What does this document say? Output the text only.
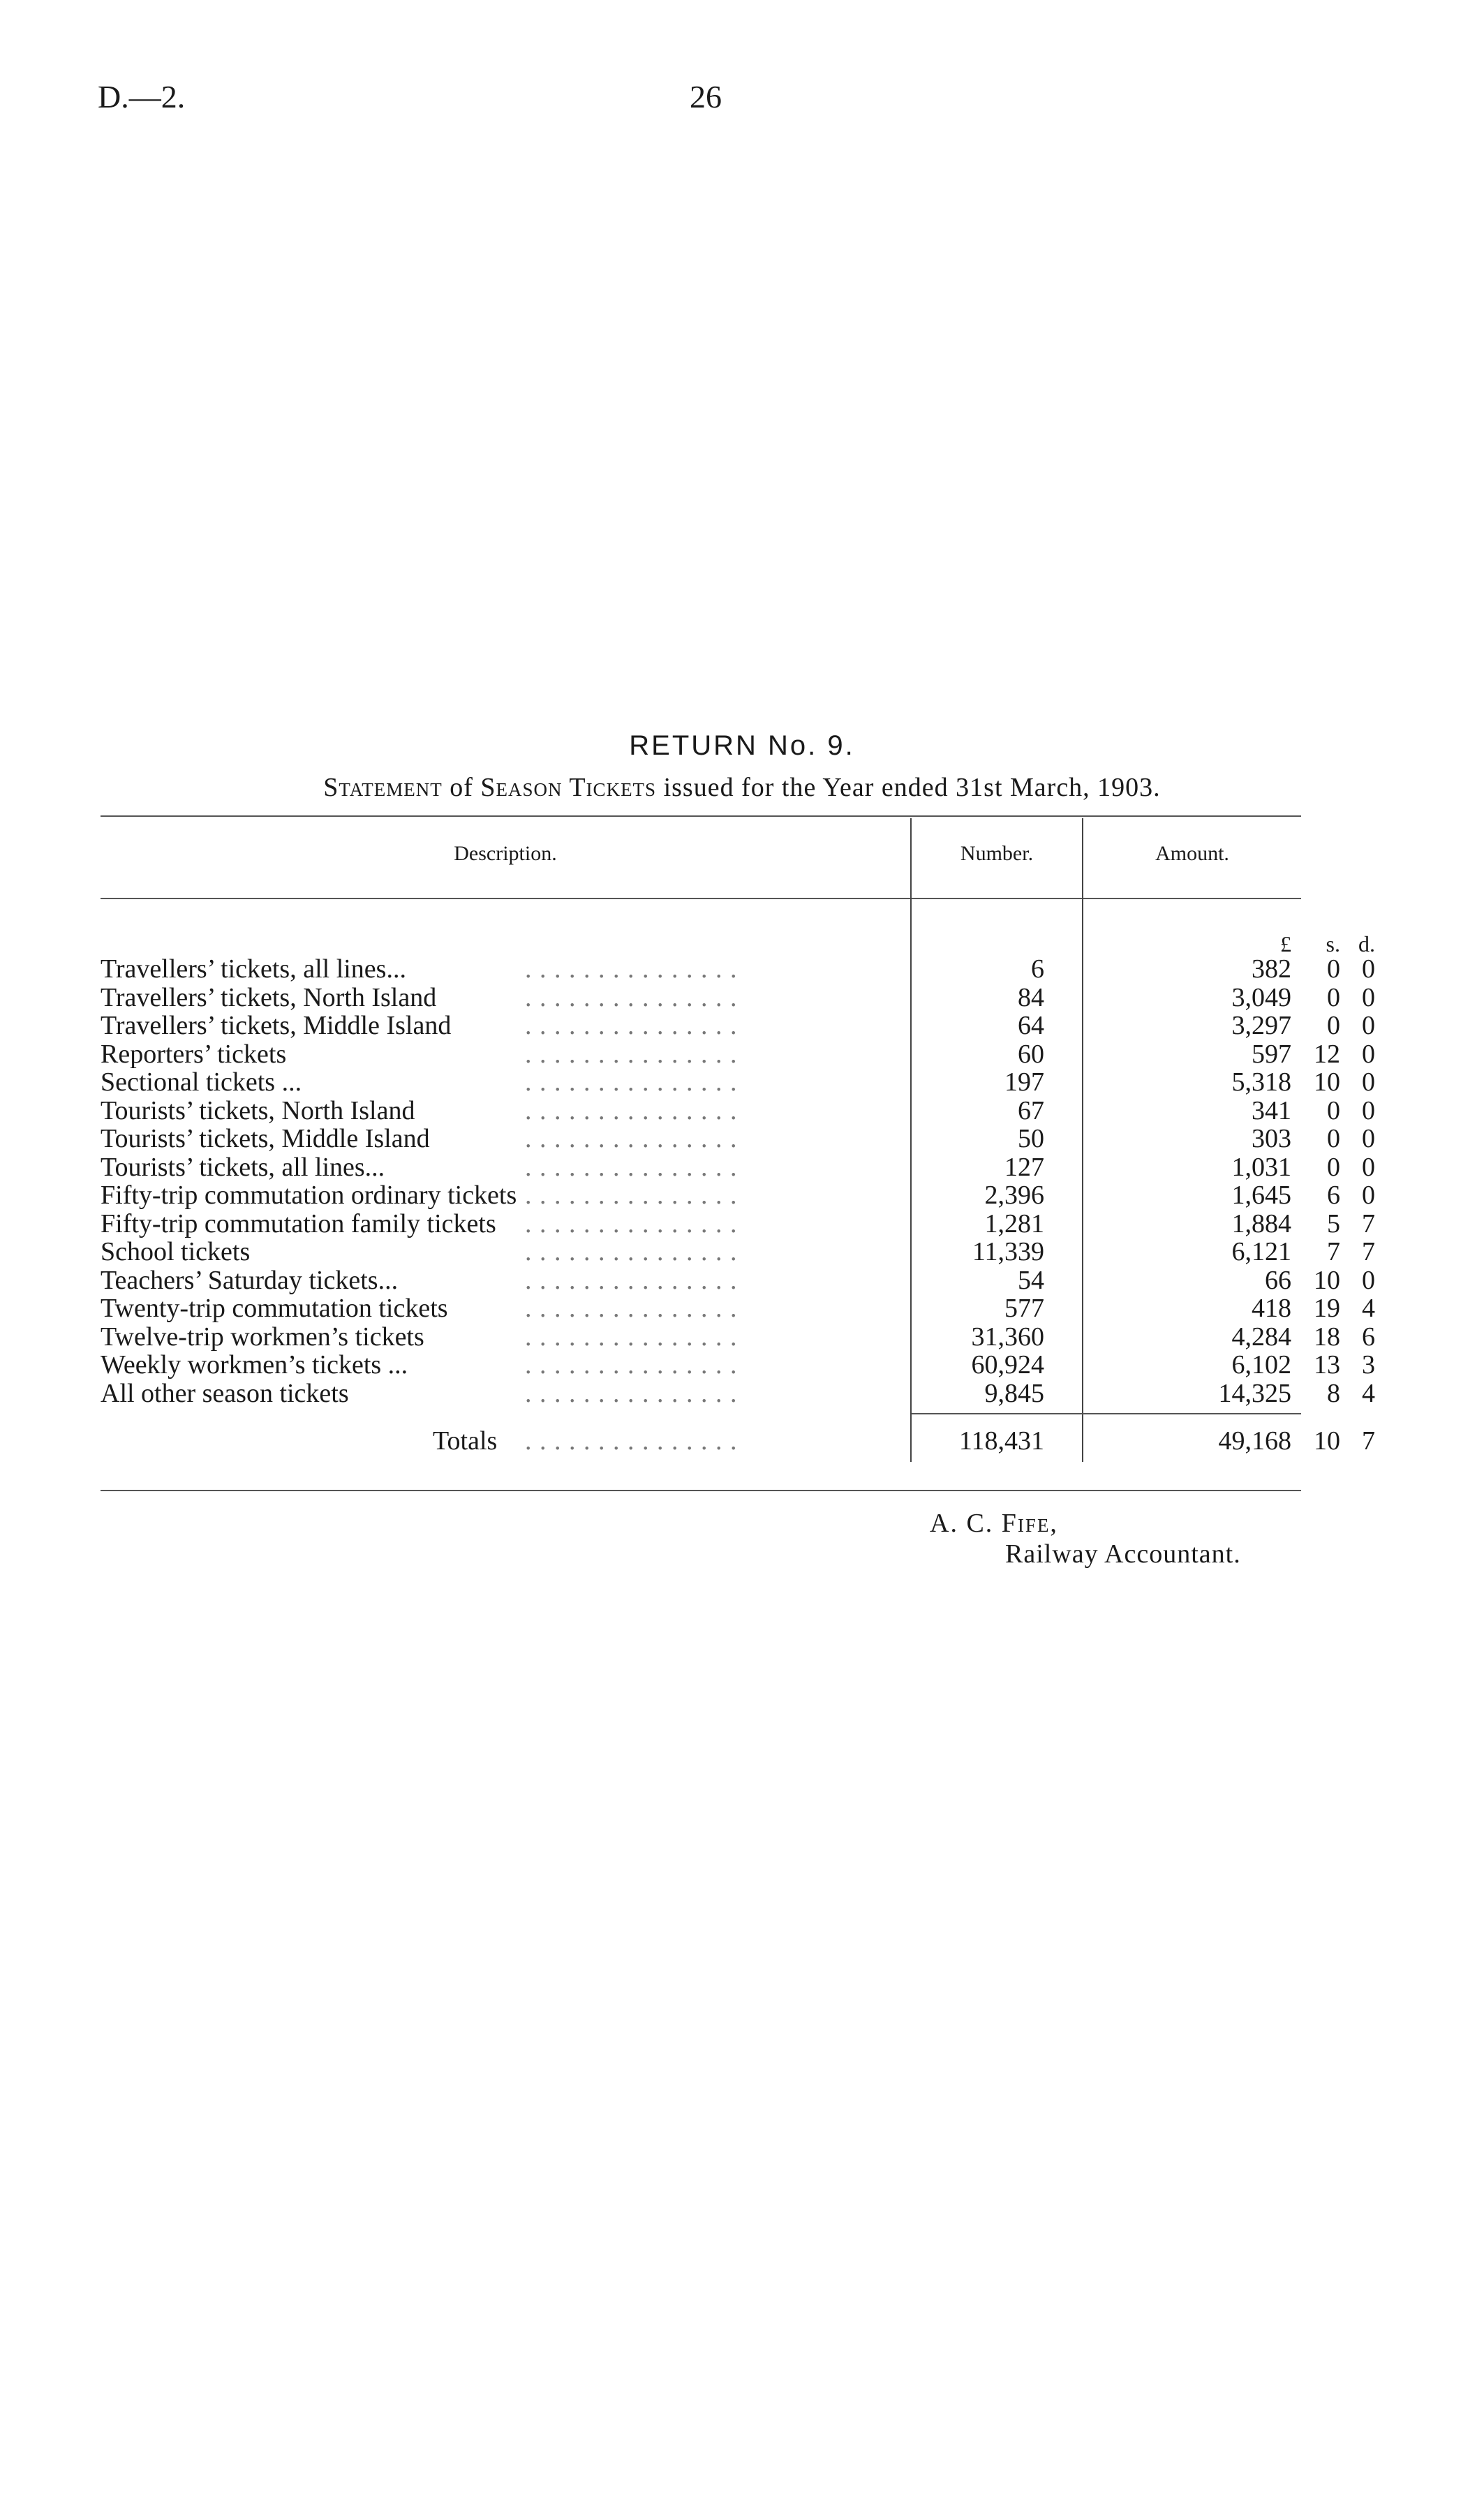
D.—2.	26
RETURN No. 9.
Statement of Season Tickets issued for the Year ended 31st March, 1903.
Description.	Number.	Amount.
£ s. d.
Travellers’ tickets, all lines...	. . . . . . . . . . . . . . .	6	382 0 0
Travellers’ tickets, North Island	. . . . . . . . . . . . . . .	84	3,049 0 0
Travellers’ tickets, Middle Island	. . . . . . . . . . . . . . .	64	3,297 0 0
Reporters’ tickets	. . . . . . . . . . . . . . .	60	597 12 0
Sectional tickets ...	. . . . . . . . . . . . . . .	197	5,318 10 0
Tourists’ tickets, North Island	. . . . . . . . . . . . . . .	67	341 0 0
Tourists’ tickets, Middle Island	. . . . . . . . . . . . . . .	50	303 0 0
Tourists’ tickets, all lines...	. . . . . . . . . . . . . . .	127	1,031 0 0
Fifty-trip commutation ordinary tickets . . . . . . . . . . . . . . .	2,396	1,645 6 0
Fifty-trip commutation family tickets . . . . . . . . . . . . . . .	1,281	1,884 5 7
School tickets	. . . . . . . . . . . . . . .	11,339	6,121 7 7
Teachers’ Saturday tickets...	. . . . . . . . . . . . . . .	54	66 10 0
Twenty-trip commutation tickets	. . . . . . . . . . . . . . .	577	418 19 4
Twelve-trip workmen’s tickets	. . . . . . . . . . . . . . .	31,360	4,284 18 6
Weekly workmen’s tickets ...	. . . . . . . . . . . . . . .	60,924	6,102 13 3
All other season tickets	. . . . . . . . . . . . . . .	9,845	14,325 8 4
Totals . . . . . . . . . . . . . . .	118,431	49,168 10 7
A. C. Fife,
Railway Accountant.
